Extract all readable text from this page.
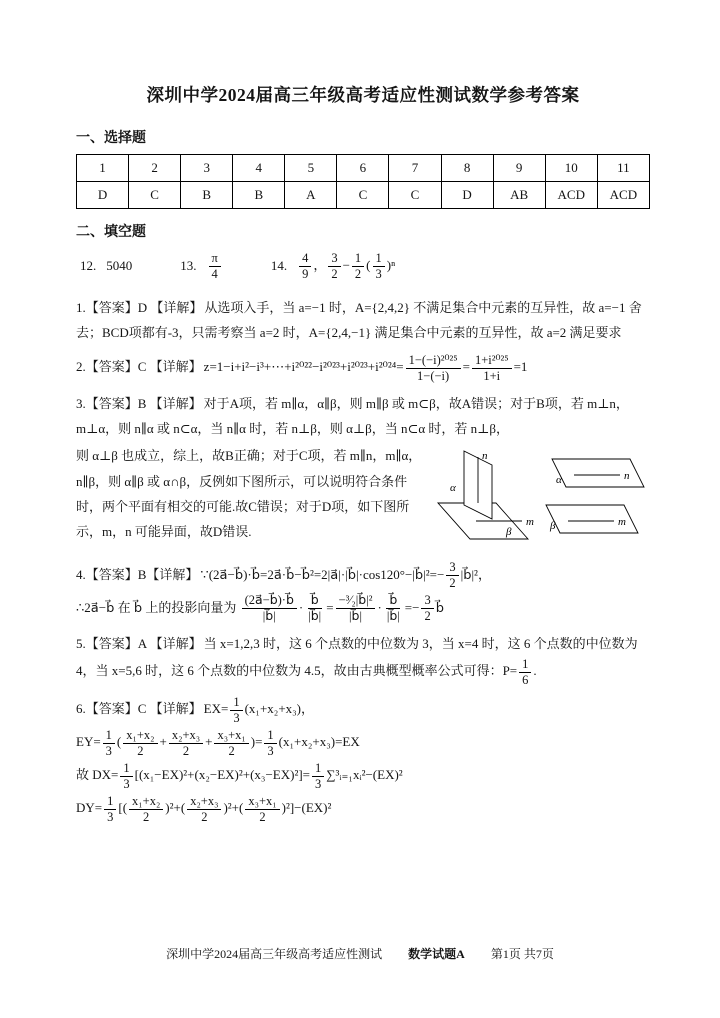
深圳中学2024届高三年级高考适应性测试数学参考答案
一、选择题
1	2	3	4	5	6	7	8	9	10	11
D	C	B	B	A	C	C	D	AB	ACD	ACD
二、填空题
12. 5040	13. $\frac{\pi}{4}$	14. $\frac{4}{9}$ ， $\frac{3}{2} - \frac{1}{2}$ ( $\frac{1}{3} )^n$

1.【答案】D 【详解】 从选项入手，当 a=−1 时，A={2,4,2} 不满足集合中元素的互异性，故 a=−1 舍去；BCD项都有-3，只需考察当 a=2 时，A={2,4,−1} 满足集合中元素的互异性，故 a=2 满足要求

2.【答案】C 【详解】 z=1−i+i²−i³+⋯+i²⁰²²−i²⁰²³+i²⁰²³+i²⁰²⁴= $\frac{\text{1−(−i)²⁰²⁵}}{1-(-i)} = \frac{\text{1+i²⁰²⁵}}{1+i} =1$

3.【答案】B 【详解】 对于A项，若 m∥α，α∥β，则 m∥β 或 m⊂β，故A错误；对于B项，若 m⊥n，m⊥α，则 n∥α 或 n⊂α，当 n∥α 时，若 n⊥β，则 α⊥β，当 n⊂α 时，若 n⊥β，

α
β
m
n
n
m
α
β
则 α⊥β 也成立，综上，故B正确；对于C项，若 m∥n，m∥α，n∥β，则 α∥β 或 α∩β，反例如下图所示，可以说明符合条件时，两个平面有相交的可能.故C错误；对于D项，如下图所示，m，n 可能异面，故D错误.

4.【答案】B【详解】 ∵(2a⃗−b⃗)·b⃗=2a⃗·b⃗−b⃗²=2|a⃗|·|b⃗|·cos120°−|b⃗|²=− $\frac{3}{2}$ |b⃗|²，

∴2a⃗−b⃗ 在 b⃗ 上的投影向量为 $\frac{(2a⃗-b⃗)\cdot b⃗}{|b⃗|} \cdot \frac{b⃗}{|b⃗|} = \frac{\text{−³⁄₂|b⃗|²}}{|b⃗|} \cdot \frac{b⃗}{|b⃗|} =- \frac{3}{2}$ b⃗

5.【答案】A 【详解】 当 x=1,2,3 时，这 6 个点数的中位数为 3，当 x=4 时，这 6 个点数的中位数为 4，当 x=5,6 时，这 6 个点数的中位数为 4.5，故由古典概型概率公式可得：$P= \frac{1}{6}$ .

6.【答案】C 【详解】 $EX= \frac{1}{3} (x_1+x_2+x_3)$，

$EY= \frac{1}{3}$ ( $\frac{\text{x₁+x₂}}{2} + \frac{\text{x₂+x₃}}{2} + \frac{\text{x₃+x₁}}{2}$ )= $\frac{1}{3} (x_1+x_2+x_3)=EX$

故 $DX= \frac{1}{3} [(x_1-EX)^2+(x_2-EX)^2+(x_3-EX)^2]= \frac{1}{3}$ ∑³ᵢ₌₁xᵢ²−(EX)²

$DY= \frac{1}{3}$ [( $\frac{\text{x₁+x₂}}{2} )^2+( \frac{\text{x₂+x₃}}{2} )^2+( \frac{\text{x₃+x₁}}{2} )^2]-(EX)^2$

深圳中学2024届高三年级高考适应性测试 数学试题A 第1页 共7页
